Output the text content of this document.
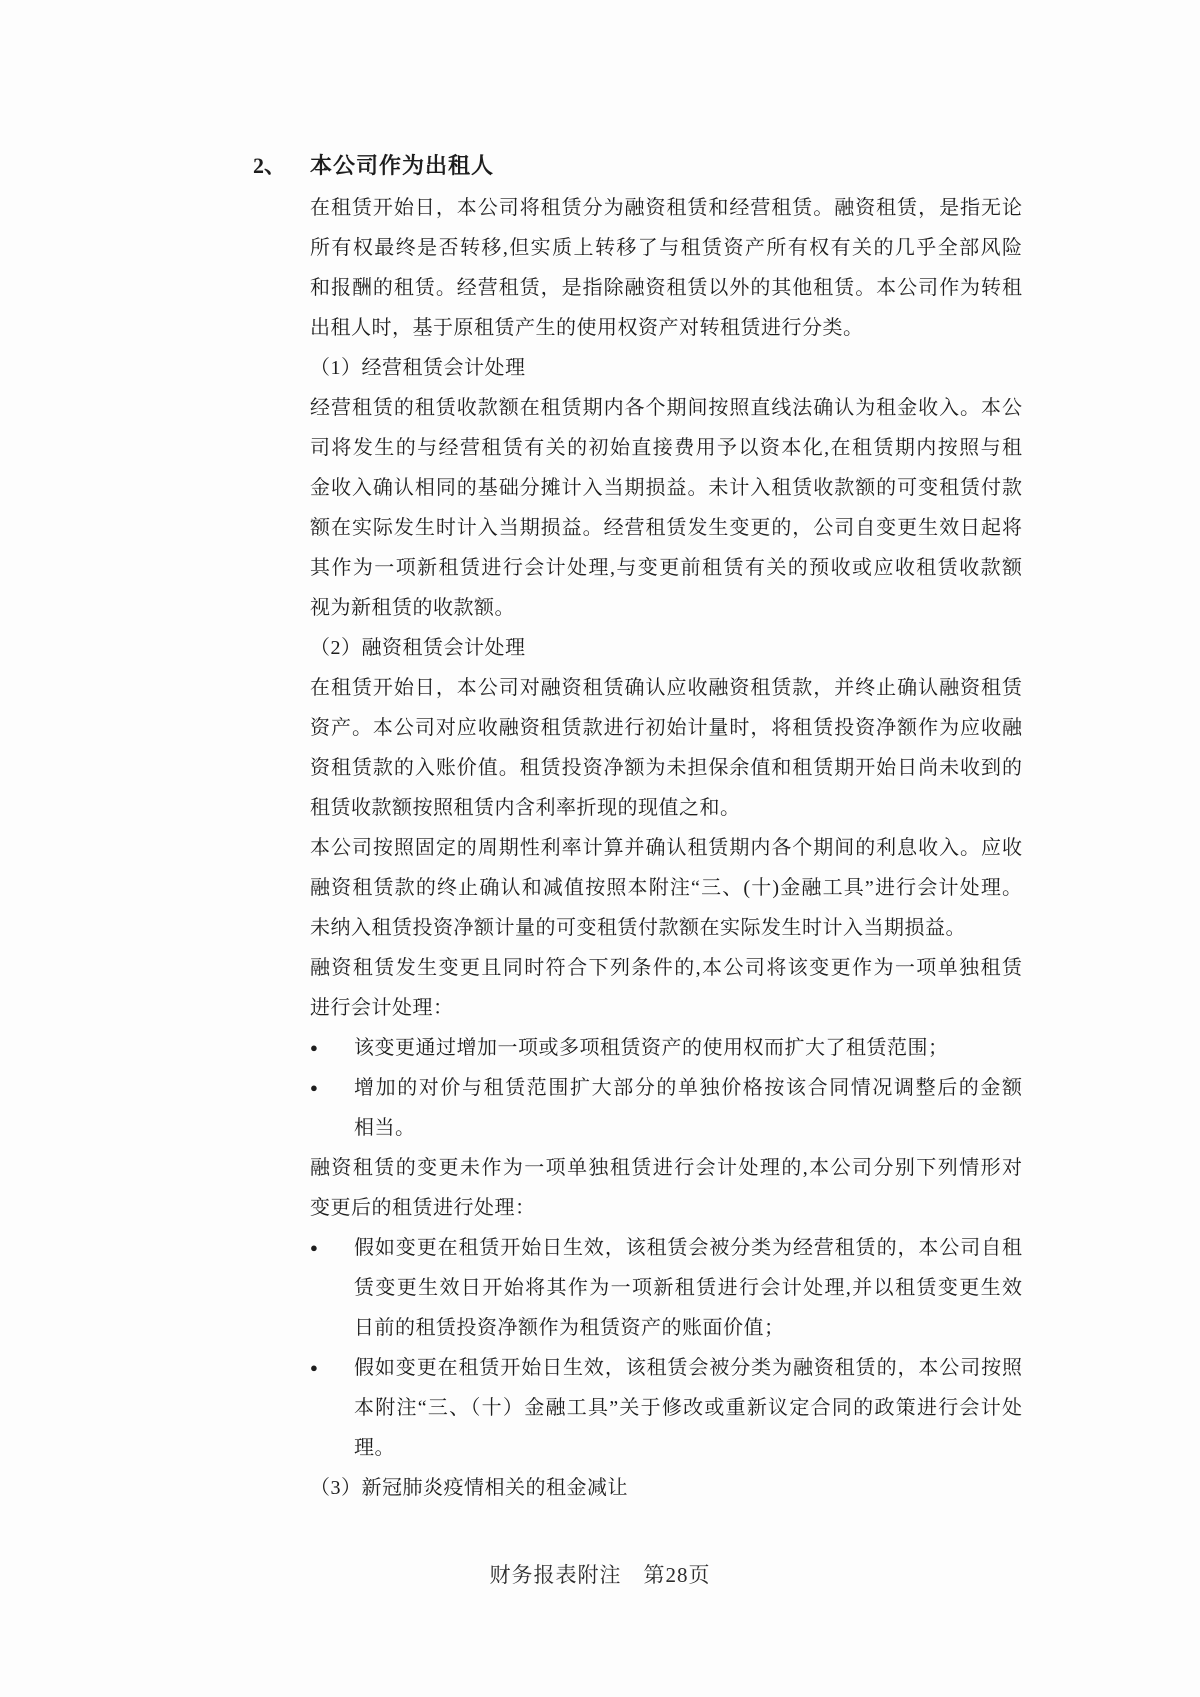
2、 本公司作为出租人
在租赁开始日，本公司将租赁分为融资租赁和经营租赁。融资租赁，是指无论
所有权最终是否转移,但实质上转移了与租赁资产所有权有关的几乎全部风险
和报酬的租赁。经营租赁，是指除融资租赁以外的其他租赁。本公司作为转租
出租人时，基于原租赁产生的使用权资产对转租赁进行分类。
（1）经营租赁会计处理
经营租赁的租赁收款额在租赁期内各个期间按照直线法确认为租金收入。本公
司将发生的与经营租赁有关的初始直接费用予以资本化,在租赁期内按照与租
金收入确认相同的基础分摊计入当期损益。未计入租赁收款额的可变租赁付款
额在实际发生时计入当期损益。经营租赁发生变更的，公司自变更生效日起将
其作为一项新租赁进行会计处理,与变更前租赁有关的预收或应收租赁收款额
视为新租赁的收款额。
（2）融资租赁会计处理
在租赁开始日，本公司对融资租赁确认应收融资租赁款，并终止确认融资租赁
资产。本公司对应收融资租赁款进行初始计量时，将租赁投资净额作为应收融
资租赁款的入账价值。租赁投资净额为未担保余值和租赁期开始日尚未收到的
租赁收款额按照租赁内含利率折现的现值之和。
本公司按照固定的周期性利率计算并确认租赁期内各个期间的利息收入。应收
融资租赁款的终止确认和减值按照本附注“三、(十)金融工具”进行会计处理。
未纳入租赁投资净额计量的可变租赁付款额在实际发生时计入当期损益。
融资租赁发生变更且同时符合下列条件的,本公司将该变更作为一项单独租赁
进行会计处理：
●	该变更通过增加一项或多项租赁资产的使用权而扩大了租赁范围；
●	增加的对价与租赁范围扩大部分的单独价格按该合同情况调整后的金额
相当。
融资租赁的变更未作为一项单独租赁进行会计处理的,本公司分别下列情形对
变更后的租赁进行处理：
●	假如变更在租赁开始日生效，该租赁会被分类为经营租赁的，本公司自租
赁变更生效日开始将其作为一项新租赁进行会计处理,并以租赁变更生效
日前的租赁投资净额作为租赁资产的账面价值；
●	假如变更在租赁开始日生效，该租赁会被分类为融资租赁的，本公司按照
本附注“三、（十）金融工具”关于修改或重新议定合同的政策进行会计处
理。
（3）新冠肺炎疫情相关的租金减让
财务报表附注　第28页
